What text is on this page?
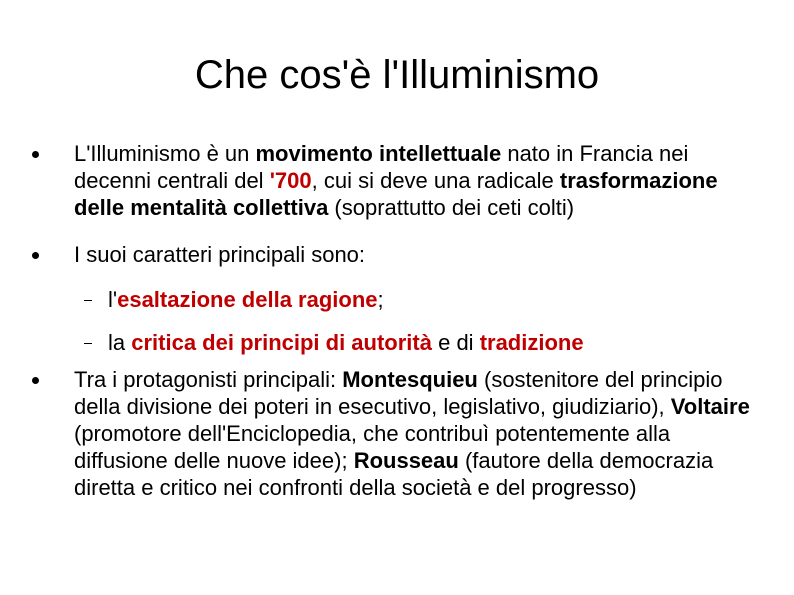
Che cos'è l'Illuminismo
L'Illuminismo è un movimento intellettuale nato in Francia nei decenni centrali del '700, cui si deve una radicale trasformazione delle mentalità collettiva (soprattutto dei ceti colti)
I suoi caratteri principali sono:
l'esaltazione della ragione;
la critica dei principi di autorità e di tradizione
Tra i protagonisti principali: Montesquieu (sostenitore del principio della divisione dei poteri in esecutivo, legislativo, giudiziario), Voltaire (promotore dell'Enciclopedia, che contribuì potentemente alla diffusione delle nuove idee); Rousseau (fautore della democrazia diretta e critico nei confronti della società e del progresso)
